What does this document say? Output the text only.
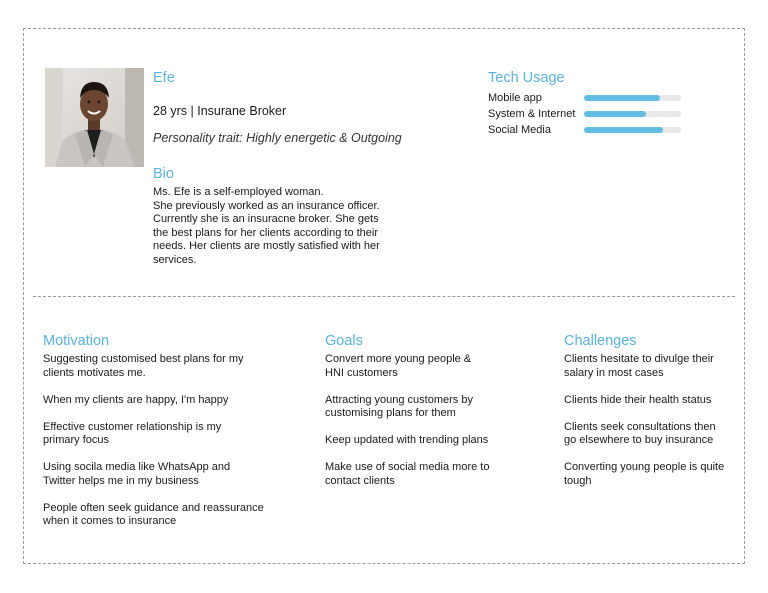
Efe
28 yrs | Insurane Broker
Personality trait: Highly energetic & Outgoing
Bio
Ms. Efe is a self-employed woman.
She previously worked as an insurance officer.
Currently she is an insuracne broker. She gets
the best plans for her clients according to their
needs. Her clients are mostly satisfied with her
services.
Tech Usage
Mobile app
System & Internet
Social Media
Motivation
Suggesting customised best plans for my
clients motivates me.
When my clients are happy, I'm happy
Effective customer relationship is my
primary focus
Using socila media like WhatsApp and
Twitter helps me in my business
People often seek guidance and reassurance
when it comes to insurance
Goals
Convert more young people &
HNI customers
Attracting young customers by
customising plans for them
Keep updated with trending plans
Make use of social media more to
contact clients
Challenges
Clients hesitate to divulge their
salary in most cases
Clients hide their health status
Clients seek consultations then
go elsewhere to buy insurance
Converting young people is quite
tough
